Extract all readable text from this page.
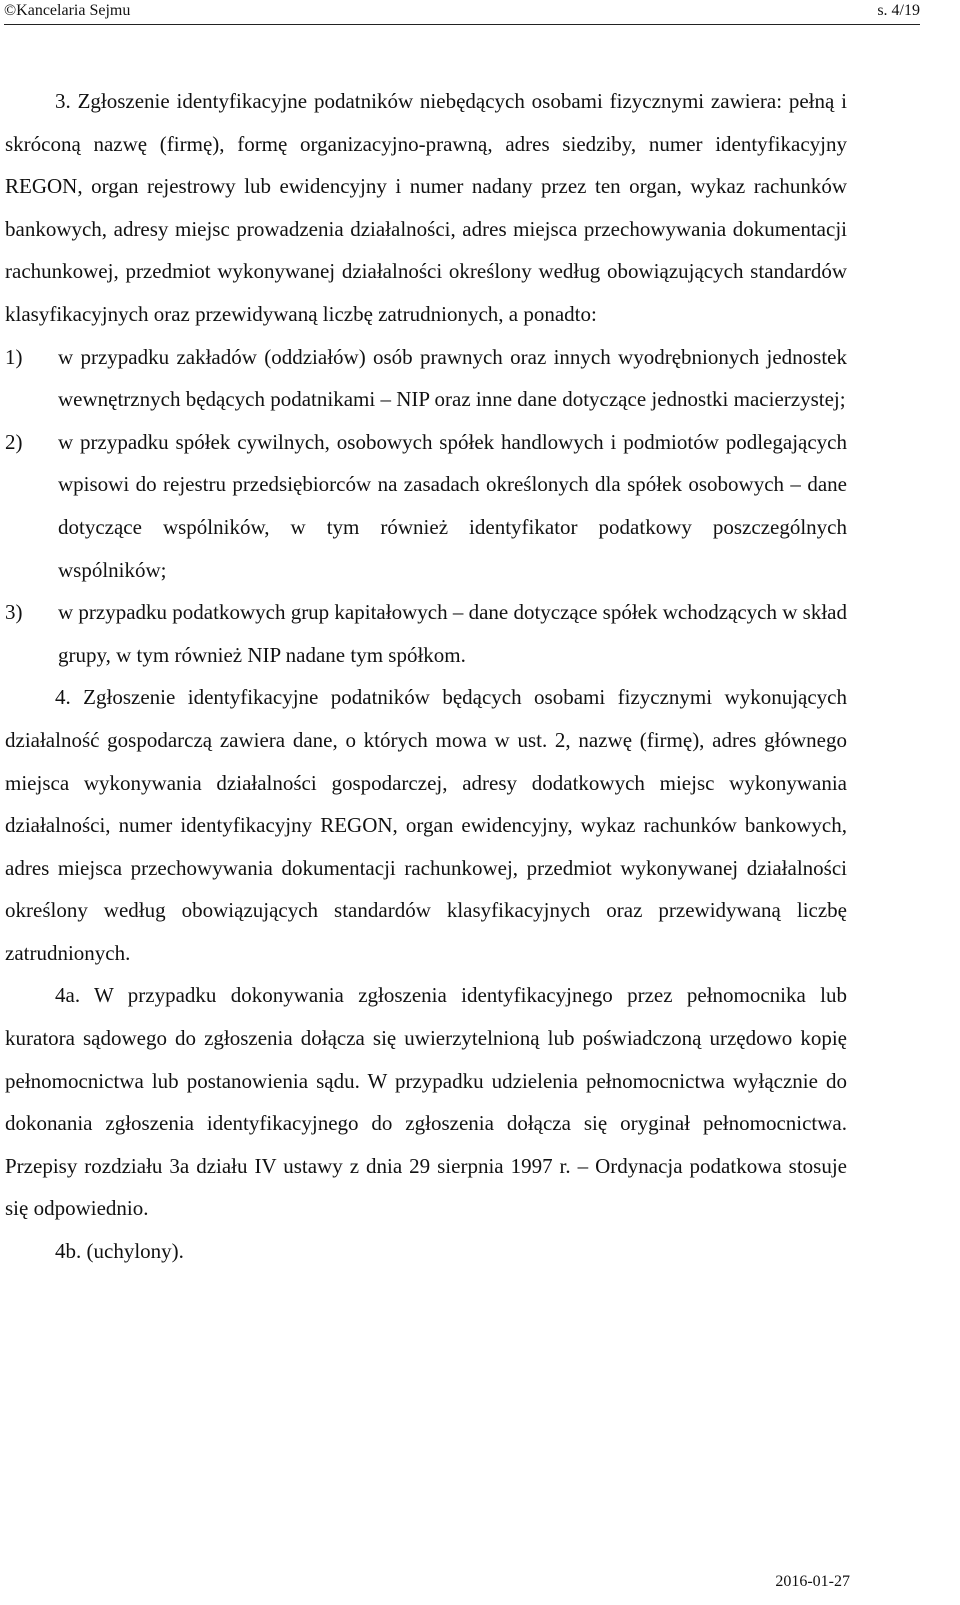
©Kancelaria Sejmu	s. 4/19

3. Zgłoszenie identyfikacyjne podatników niebędących osobami fizycznymi zawiera: pełną i skróconą nazwę (firmę), formę organizacyjno-prawną, adres siedziby, numer identyfikacyjny REGON, organ rejestrowy lub ewidencyjny i numer nadany przez ten organ, wykaz rachunków bankowych, adresy miejsc prowadzenia działalności, adres miejsca przechowywania dokumentacji rachunkowej, przedmiot wykonywanej działalności określony według obowiązujących standardów klasyfikacyjnych oraz przewidywaną liczbę zatrudnionych, a ponadto:

1)	w przypadku zakładów (oddziałów) osób prawnych oraz innych wyodrębnionych jednostek wewnętrznych będących podatnikami – NIP oraz inne dane dotyczące jednostki macierzystej;
2)	w przypadku spółek cywilnych, osobowych spółek handlowych i podmiotów podlegających wpisowi do rejestru przedsiębiorców na zasadach określonych dla spółek osobowych – dane dotyczące wspólników, w tym również identyfikator podatkowy poszczególnych wspólników;
3)	w przypadku podatkowych grup kapitałowych – dane dotyczące spółek wchodzących w skład grupy, w tym również NIP nadane tym spółkom.

4. Zgłoszenie identyfikacyjne podatników będących osobami fizycznymi wykonujących działalność gospodarczą zawiera dane, o których mowa w ust. 2, nazwę (firmę), adres głównego miejsca wykonywania działalności gospodarczej, adresy dodatkowych miejsc wykonywania działalności, numer identyfikacyjny REGON, organ ewidencyjny, wykaz rachunków bankowych, adres miejsca przechowywania dokumentacji rachunkowej, przedmiot wykonywanej działalności określony według obowiązujących standardów klasyfikacyjnych oraz przewidywaną liczbę zatrudnionych.

4a. W przypadku dokonywania zgłoszenia identyfikacyjnego przez pełnomocnika lub kuratora sądowego do zgłoszenia dołącza się uwierzytelnioną lub poświadczoną urzędowo kopię pełnomocnictwa lub postanowienia sądu. W przypadku udzielenia pełnomocnictwa wyłącznie do dokonania zgłoszenia identyfikacyjnego do zgłoszenia dołącza się oryginał pełnomocnictwa. Przepisy rozdziału 3a działu IV ustawy z dnia 29 sierpnia 1997 r. – Ordynacja podatkowa stosuje się odpowiednio.

4b. (uchylony).

2016-01-27
